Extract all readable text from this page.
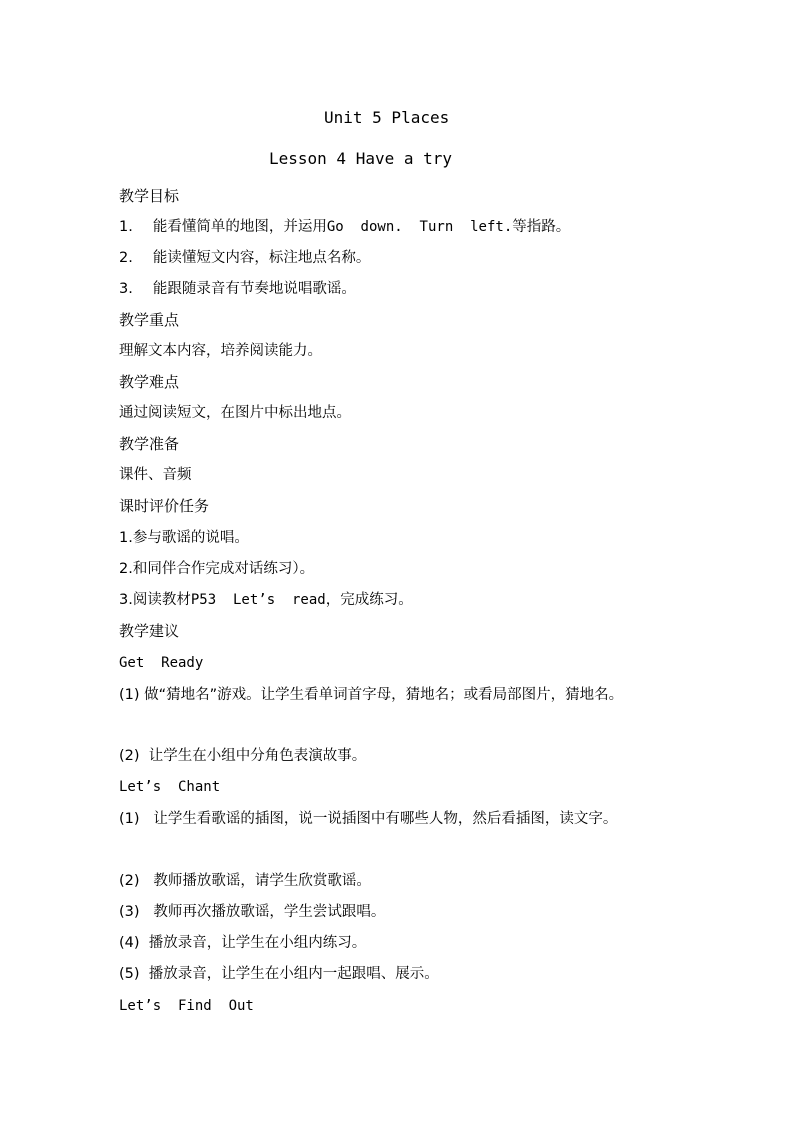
Unit 5 Places
Lesson 4 Have a try
教学目标
1. 能看懂简单的地图，并运用Go  down.  Turn  left.等指路。
2. 能读懂短文内容，标注地点名称。
3. 能跟随录音有节奏地说唱歌谣。
教学重点
理解文本内容，培养阅读能力。
教学难点
通过阅读短文，在图片中标出地点。
教学准备
课件、音频
课时评价任务
1.参与歌谣的说唱。
2.和同伴合作完成对话练习）。
3.阅读教材P53  Let’s  read，完成练习。
教学建议
Get  Ready
(1) 做“猜地名”游戏。让学生看单词首字母，猜地名；或看局部图片，猜地名。
(2)  让学生在小组中分角色表演故事。
Let’s  Chant
(1)   让学生看歌谣的插图，说一说插图中有哪些人物，然后看插图，读文字。
(2)   教师播放歌谣，请学生欣赏歌谣。
(3)   教师再次播放歌谣，学生尝试跟唱。
(4)  播放录音，让学生在小组内练习。
(5)  播放录音，让学生在小组内一起跟唱、展示。
Let’s  Find  Out
